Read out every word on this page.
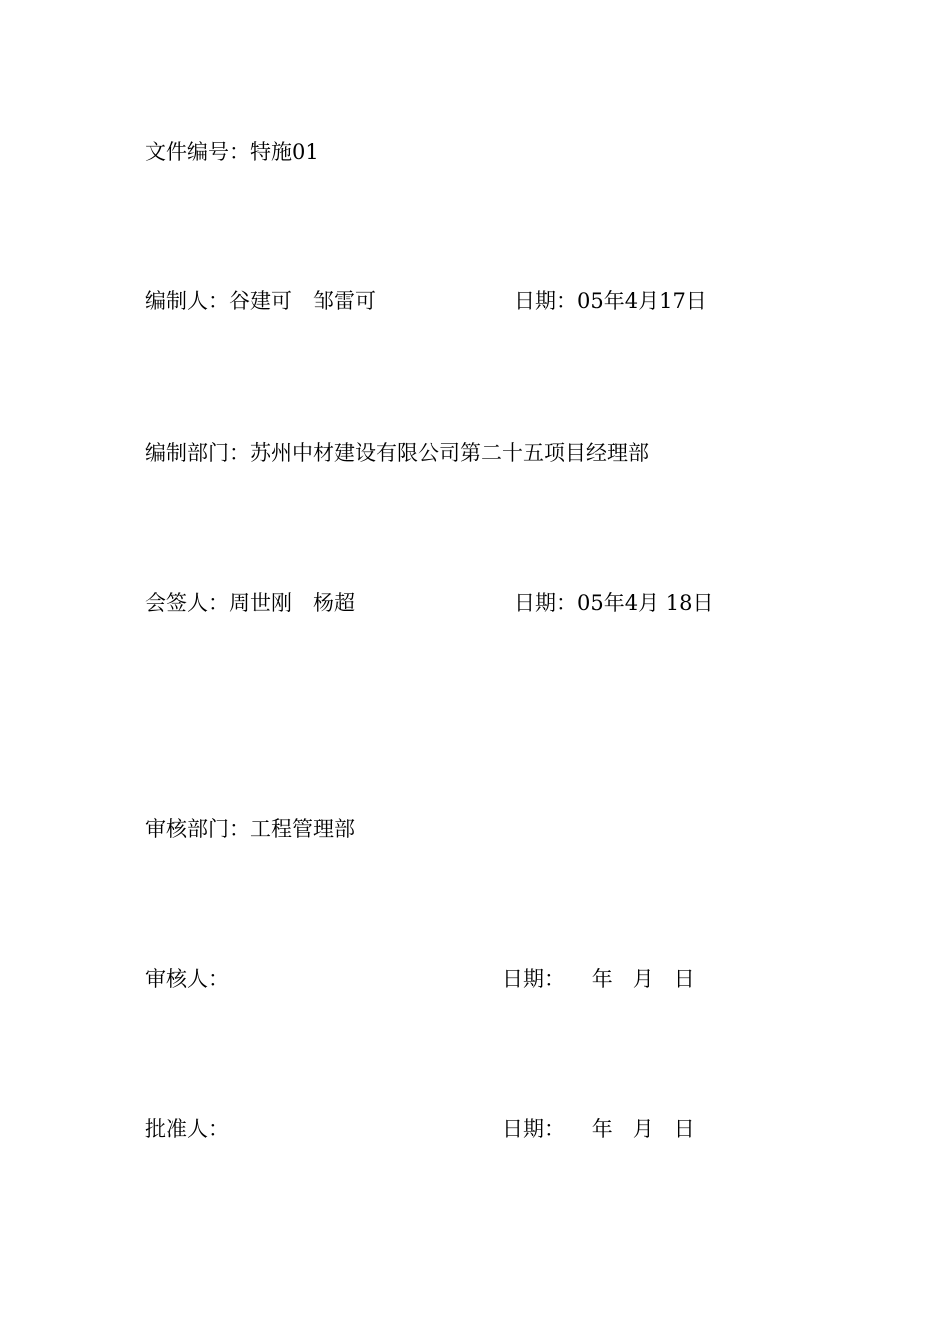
文件编号：特施01
编制人：谷建可　邹雷可	日期：05年4月17日
编制部门：苏州中材建设有限公司第二十五项目经理部
会签人：周世刚　杨超	日期：05年4月 18日
审核部门：工程管理部
审核人：	日期：    年   月   日
批准人：	日期：    年   月   日
